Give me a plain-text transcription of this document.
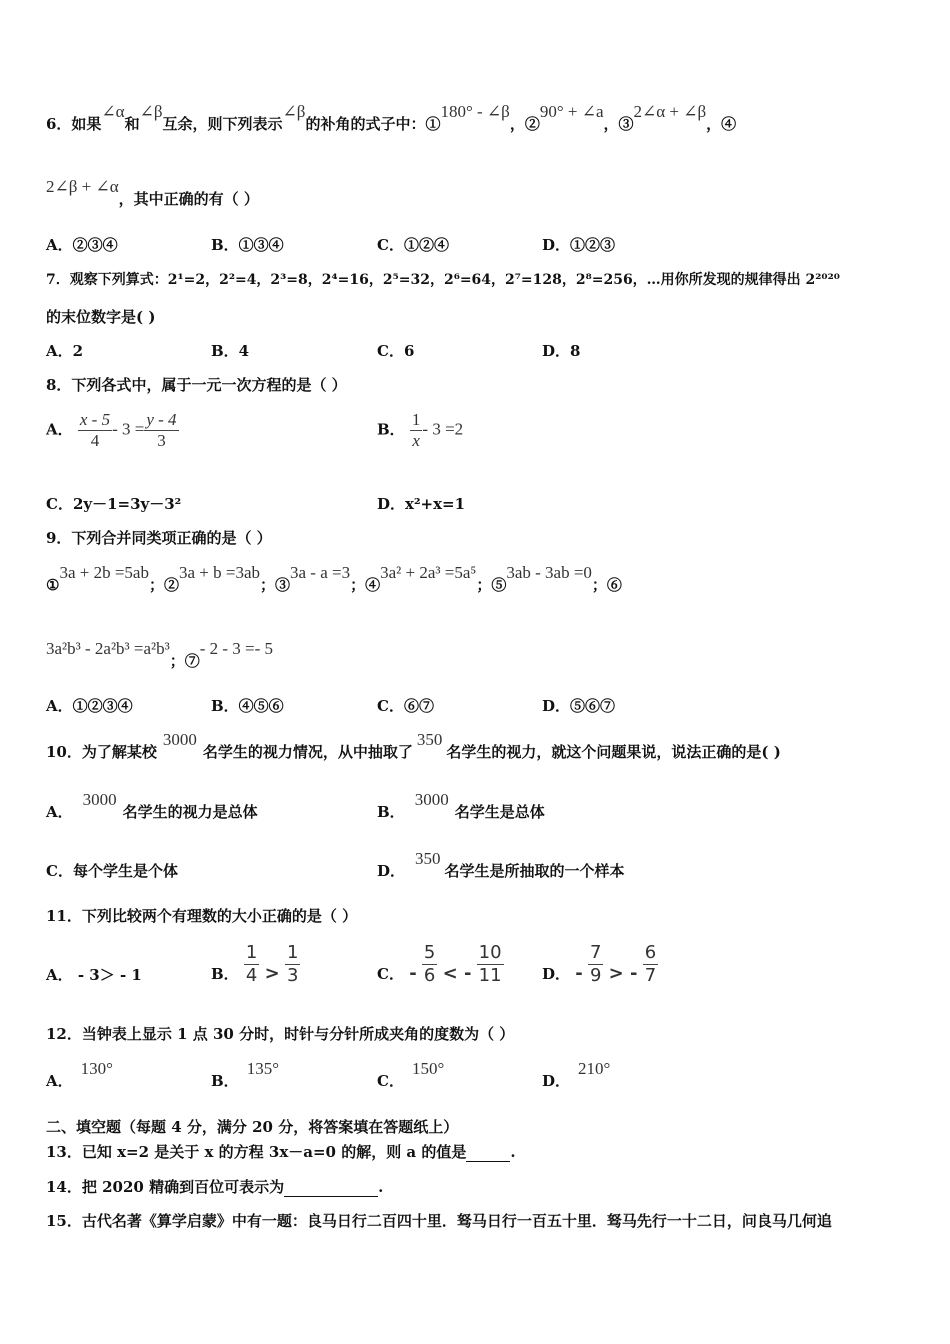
6．如果∠α和∠β互余，则下列表示∠β的补角的式子中：①180° - ∠β，②90° + ∠a，③2∠α + ∠β，④
2∠β + ∠α，其中正确的有（ ）
A．②③④	B．①③④	C．①②④	D．①②③
7．观察下列算式：2¹=2，2²=4，2³=8，2⁴=16，2⁵=32，2⁶=64，2⁷=128，2⁸=256，…用你所发现的规律得出 2²⁰²⁰
的末位数字是( )
A．2	B．4	C．6	D．8
8．下列各式中，属于一元一次方程的是（ ）
A． $\frac{x - 5}{4} - 3 = \frac{y - 4}{3}$	B． $\frac{1}{x} - 3 =2$
C．2y－1=3y－3²	D．x²+x=1
9．下列合并同类项正确的是（ ）
①3a + 2b =5ab；②3a + b =3ab；③3a - a =3；④3a² + 2a³ =5a⁵；⑤3ab - 3ab =0；⑥
3a²b³ - 2a²b³ =a²b³；⑦- 2 - 3 =- 5
A．①②③④	B．④⑤⑥	C．⑥⑦	D．⑤⑥⑦
10．为了解某校3000名学生的视力情况，从中抽取了350名学生的视力，就这个问题果说，说法正确的是( )
A．3000名学生的视力是总体	B．3000名学生是总体
C．每个学生是个体	D．350名学生是所抽取的一个样本
11．下列比较两个有理数的大小正确的是（ ）
A． - 3＞ - 1	B． $\frac{1}{4} > \frac{1}{3}$	C． - $\frac{5}{6}$ < - $\frac{10}{11}$	D． - $\frac{7}{9}$ > - $\frac{6}{7}$
12．当钟表上显示 1 点 30 分时，时针与分针所成夹角的度数为（ ）
A．130°
B．135°
C．150°
D．210°
二、填空题（每题 4 分，满分 20 分，将答案填在答题纸上）
13．已知 x=2 是关于 x 的方程 3x－a=0 的解，则 a 的值是	.
14．把 2020 精确到百位可表示为	.
15．古代名著《算学启蒙》中有一题：良马日行二百四十里．驽马日行一百五十里．驽马先行一十二日，问良马几何追
